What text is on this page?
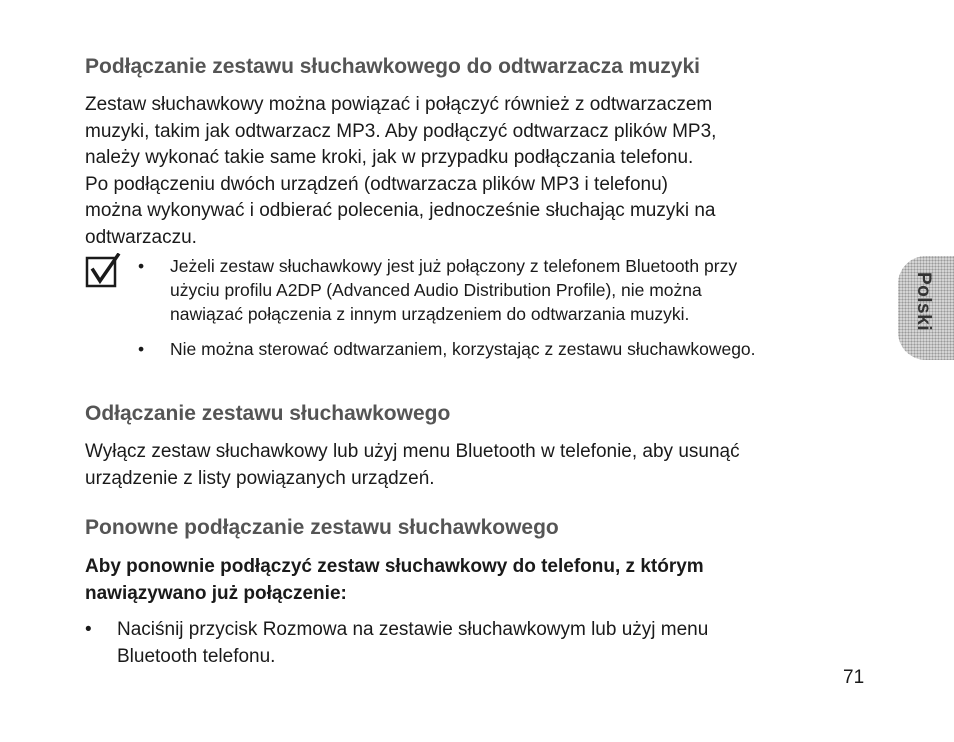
Podłączanie zestawu słuchawkowego do odtwarzacza muzyki
Zestaw słuchawkowy można powiązać i połączyć również z odtwarzaczem
muzyki, takim jak odtwarzacz MP3. Aby podłączyć odtwarzacz plików MP3,
należy wykonać takie same kroki, jak w przypadku podłączania telefonu.
Po podłączeniu dwóch urządzeń (odtwarzacza plików MP3 i telefonu)
można wykonywać i odbierać polecenia, jednocześnie słuchając muzyki na
odtwarzaczu.
Odłączanie zestawu słuchawkowego
Wyłącz zestaw słuchawkowy lub użyj menu Bluetooth w telefonie, aby usunąć
urządzenie z listy powiązanych urządzeń.
Ponowne podłączanie zestawu słuchawkowego
Aby ponownie podłączyć zestaw słuchawkowy do telefonu, z którym
nawiązywano już połączenie:
• Jeżeli zestaw słuchawkowy jest już połączony z telefonem Bluetooth przy
użyciu profilu A2DP (Advanced Audio Distribution Profile), nie można
nawiązać połączenia z innym urządzeniem do odtwarzania muzyki.
• Nie można sterować odtwarzaniem, korzystając z zestawu słuchawkowego.
• Naciśnij przycisk Rozmowa na zestawie słuchawkowym lub użyj menu
Bluetooth telefonu.
71
Polski
